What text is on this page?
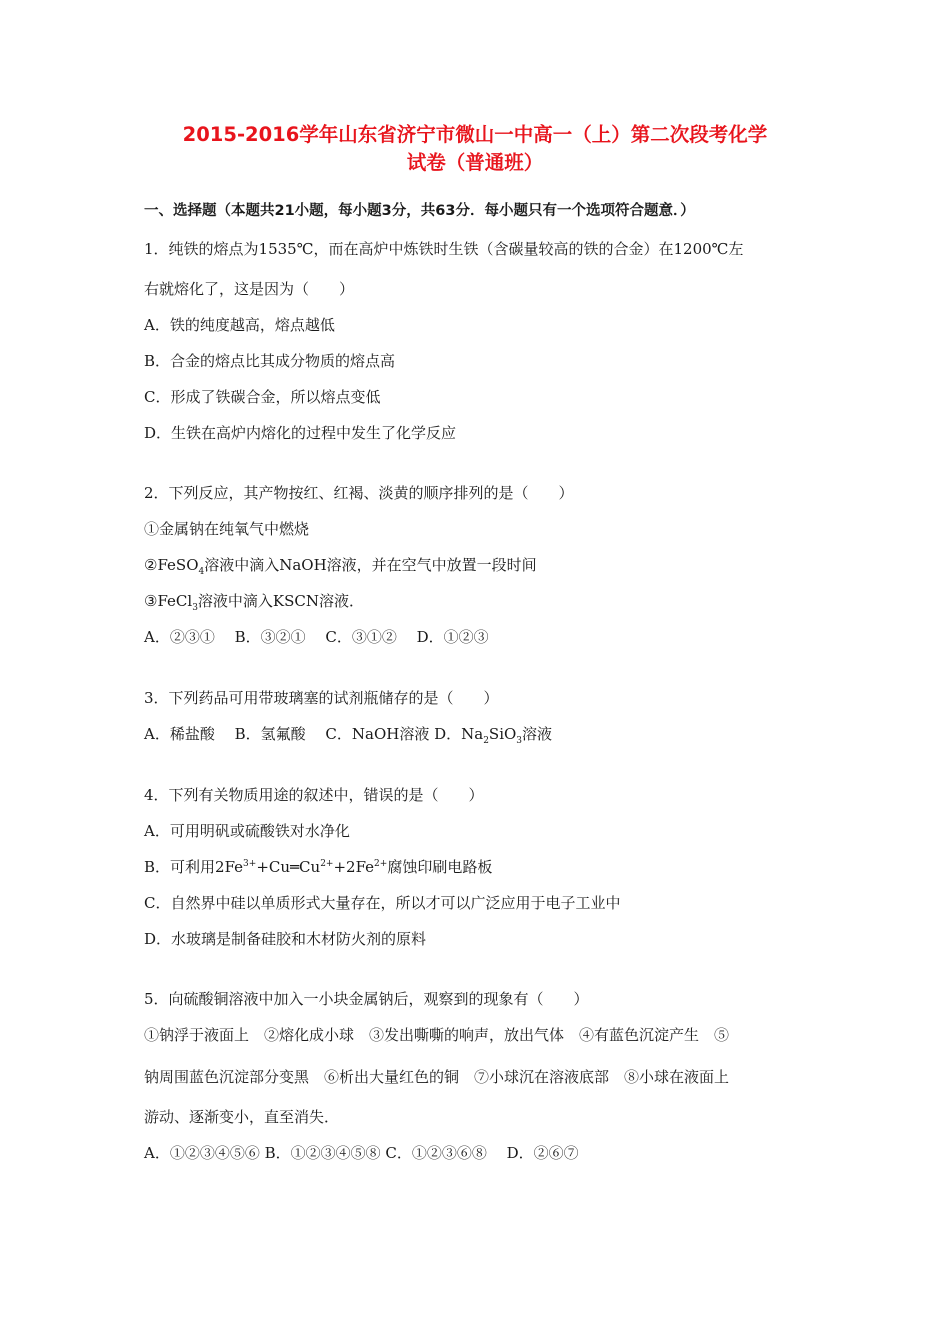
2015-2016学年山东省济宁市微山一中高一（上）第二次段考化学
试卷（普通班）
一、选择题（本题共21小题，每小题3分，共63分．每小题只有一个选项符合题意．）
1．纯铁的熔点为1535℃，而在高炉中炼铁时生铁（含碳量较高的铁的合金）在1200℃左
右就熔化了，这是因为（　　）
A．铁的纯度越高，熔点越低
B．合金的熔点比其成分物质的熔点高
C．形成了铁碳合金，所以熔点变低
D．生铁在高炉内熔化的过程中发生了化学反应
2．下列反应，其产物按红、红褐、淡黄的顺序排列的是（　　）
①金属钠在纯氧气中燃烧
②FeSO$_4$溶液中滴入NaOH溶液，并在空气中放置一段时间
③FeCl$_3$溶液中滴入KSCN溶液．
A．②③①　 B．③②①　 C．③①②　 D．①②③
3．下列药品可用带玻璃塞的试剂瓶储存的是（　　）
A．稀盐酸　 B．氢氟酸　 C．NaOH溶液 D．$Na_2SiO_3$溶液
4．下列有关物质用途的叙述中，错误的是（　　）
A．可用明矾或硫酸铁对水净化
B．可利用$2Fe^{3+}+Cu═Cu^{2+}+2Fe^{2+}$腐蚀印刷电路板
C．自然界中硅以单质形式大量存在，所以才可以广泛应用于电子工业中
D．水玻璃是制备硅胶和木材防火剂的原料
5．向硫酸铜溶液中加入一小块金属钠后，观察到的现象有（　　）
①钠浮于液面上　②熔化成小球　③发出嘶嘶的响声，放出气体　④有蓝色沉淀产生　⑤
钠周围蓝色沉淀部分变黑　⑥析出大量红色的铜　⑦小球沉在溶液底部　⑧小球在液面上
游动、逐渐变小，直至消失．
A．①②③④⑤⑥ B．①②③④⑤⑧ C．①②③⑥⑧　 D．②⑥⑦
